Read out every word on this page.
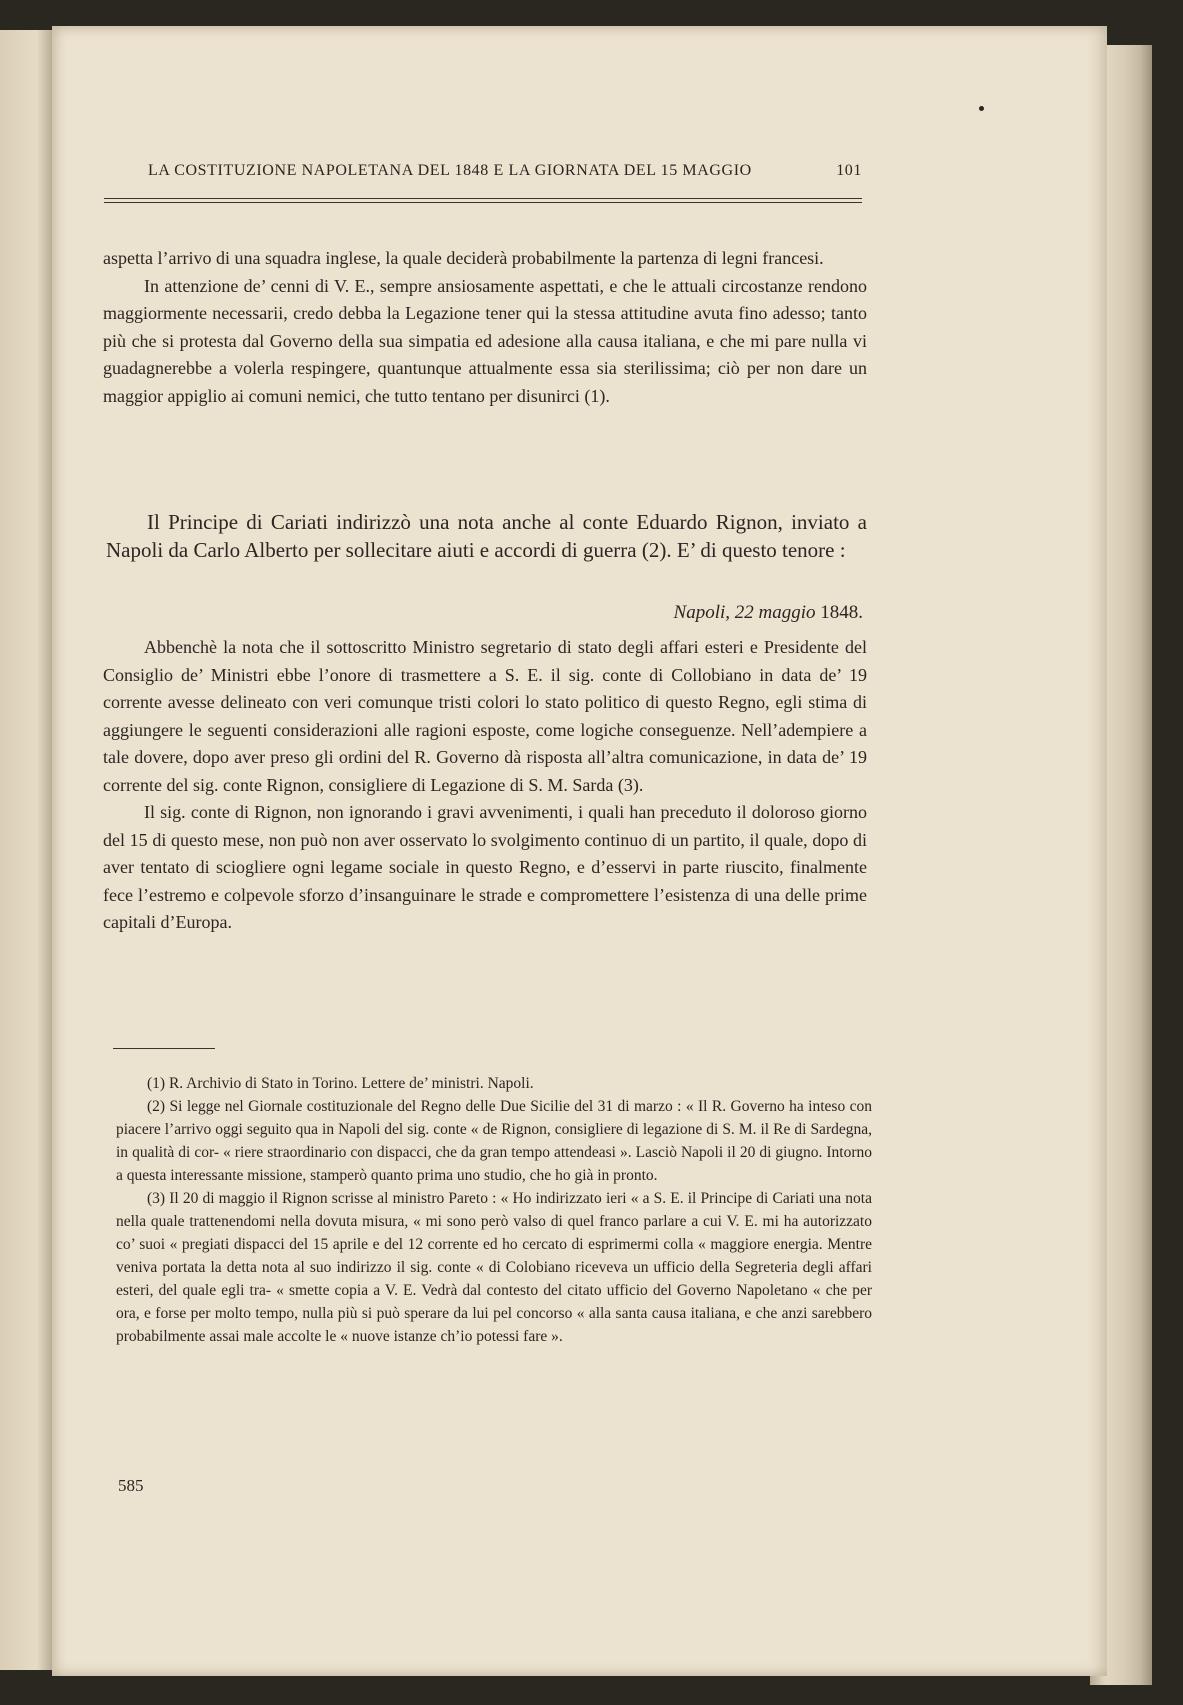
LA COSTITUZIONE NAPOLETANA DEL 1848 E LA GIORNATA DEL 15 MAGGIO	101

aspetta l’arrivo di una squadra inglese, la quale deciderà probabilmente la partenza di legni francesi.

In attenzione de’ cenni di V. E., sempre ansiosamente aspettati, e che le attuali circostanze rendono maggiormente necessarii, credo debba la Legazione tener qui la stessa attitudine avuta fino adesso; tanto più che si protesta dal Governo della sua simpatia ed adesione alla causa italiana, e che mi pare nulla vi guadagnerebbe a volerla respingere, quantunque attualmente essa sia sterilissima; ciò per non dare un maggior appiglio ai comuni nemici, che tutto tentano per disunirci (1).

Il Principe di Cariati indirizzò una nota anche al conte Eduardo Rignon, inviato a Napoli da Carlo Alberto per sollecitare aiuti e accordi di guerra (2). E’ di questo tenore :

Napoli, 22 maggio 1848.

Abbenchè la nota che il sottoscritto Ministro segretario di stato degli affari esteri e Presidente del Consiglio de’ Ministri ebbe l’onore di trasmettere a S. E. il sig. conte di Collobiano in data de’ 19 corrente avesse delineato con veri comunque tristi colori lo stato politico di questo Regno, egli stima di aggiungere le seguenti considerazioni alle ragioni esposte, come logiche conseguenze. Nell’adempiere a tale dovere, dopo aver preso gli ordini del R. Governo dà risposta all’altra comunicazione, in data de’ 19 corrente del sig. conte Rignon, consigliere di Legazione di S. M. Sarda (3).

Il sig. conte di Rignon, non ignorando i gravi avvenimenti, i quali han preceduto il doloroso giorno del 15 di questo mese, non può non aver osservato lo svolgimento continuo di un partito, il quale, dopo di aver tentato di sciogliere ogni legame sociale in questo Regno, e d’esservi in parte riuscito, finalmente fece l’estremo e colpevole sforzo d’insanguinare le strade e compromettere l’esistenza di una delle prime capitali d’Europa.

(1) R. Archivio di Stato in Torino. Lettere de’ ministri. Napoli.

(2) Si legge nel Giornale costituzionale del Regno delle Due Sicilie del 31 di marzo : « Il R. Governo ha inteso con piacere l’arrivo oggi seguito qua in Napoli del sig. conte « de Rignon, consigliere di legazione di S. M. il Re di Sardegna, in qualità di cor- « riere straordinario con dispacci, che da gran tempo attendeasi ». Lasciò Napoli il 20 di giugno. Intorno a questa interessante missione, stamperò quanto prima uno studio, che ho già in pronto.

(3) Il 20 di maggio il Rignon scrisse al ministro Pareto : « Ho indirizzato ieri « a S. E. il Principe di Cariati una nota nella quale trattenendomi nella dovuta misura, « mi sono però valso di quel franco parlare a cui V. E. mi ha autorizzato co’ suoi « pregiati dispacci del 15 aprile e del 12 corrente ed ho cercato di esprimermi colla « maggiore energia. Mentre veniva portata la detta nota al suo indirizzo il sig. conte « di Colobiano riceveva un ufficio della Segreteria degli affari esteri, del quale egli tra- « smette copia a V. E. Vedrà dal contesto del citato ufficio del Governo Napoletano « che per ora, e forse per molto tempo, nulla più si può sperare da lui pel concorso « alla santa causa italiana, e che anzi sarebbero probabilmente assai male accolte le « nuove istanze ch’io potessi fare ».

585
